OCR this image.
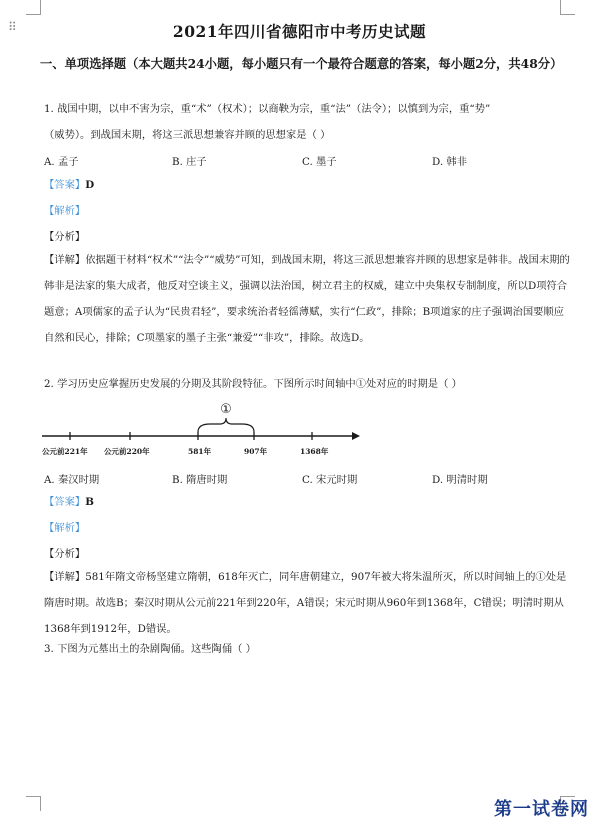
⠿	2021年四川省德阳市中考历史试题
一、单项选择题（本大题共24小题，每小题只有一个最符合题意的答案，每小题2分，共48分）
1. 战国中期，以申不害为宗，重“术”（权术）；以商鞅为宗，重“法”（法令）；以慎到为宗，重“势”
（威势）。到战国末期，将这三派思想兼容并顾的思想家是（ ）
A. 孟子	B. 庄子	C. 墨子	D. 韩非
【答案】D
【解析】
【分析】
【详解】依据题干材料“权术”“法令”“威势”可知，到战国末期，将这三派思想兼容并顾的思想家是韩非。战国末期的韩非是法家的集大成者，他反对空谈主义，强调以法治国，树立君主的权威，建立中央集权专制制度，所以D项符合题意；A项儒家的孟子认为“民贵君轻”，要求统治者轻徭薄赋，实行“仁政”，排除；B项道家的庄子强调治国要顺应自然和民心，排除；C项墨家的墨子主张“兼爱”“非攻”，排除。故选D。
2. 学习历史应掌握历史发展的分期及其阶段特征。下图所示时间轴中①处对应的时期是（ ）
①
公元前221年 公元前220年	581年	907年	1368年
A. 秦汉时期	B. 隋唐时期	C. 宋元时期	D. 明清时期
【答案】B
【解析】
【分析】
【详解】581年隋文帝杨坚建立隋朝，618年灭亡，同年唐朝建立，907年被大将朱温所灭，所以时间轴上的①处是隋唐时期。故选B；秦汉时期从公元前221年到220年，A错误；宋元时期从960年到1368年，C错误；明清时期从1368年到1912年，D错误。
3. 下图为元墓出土的杂剧陶俑。这些陶俑（ ）
第一试卷网
